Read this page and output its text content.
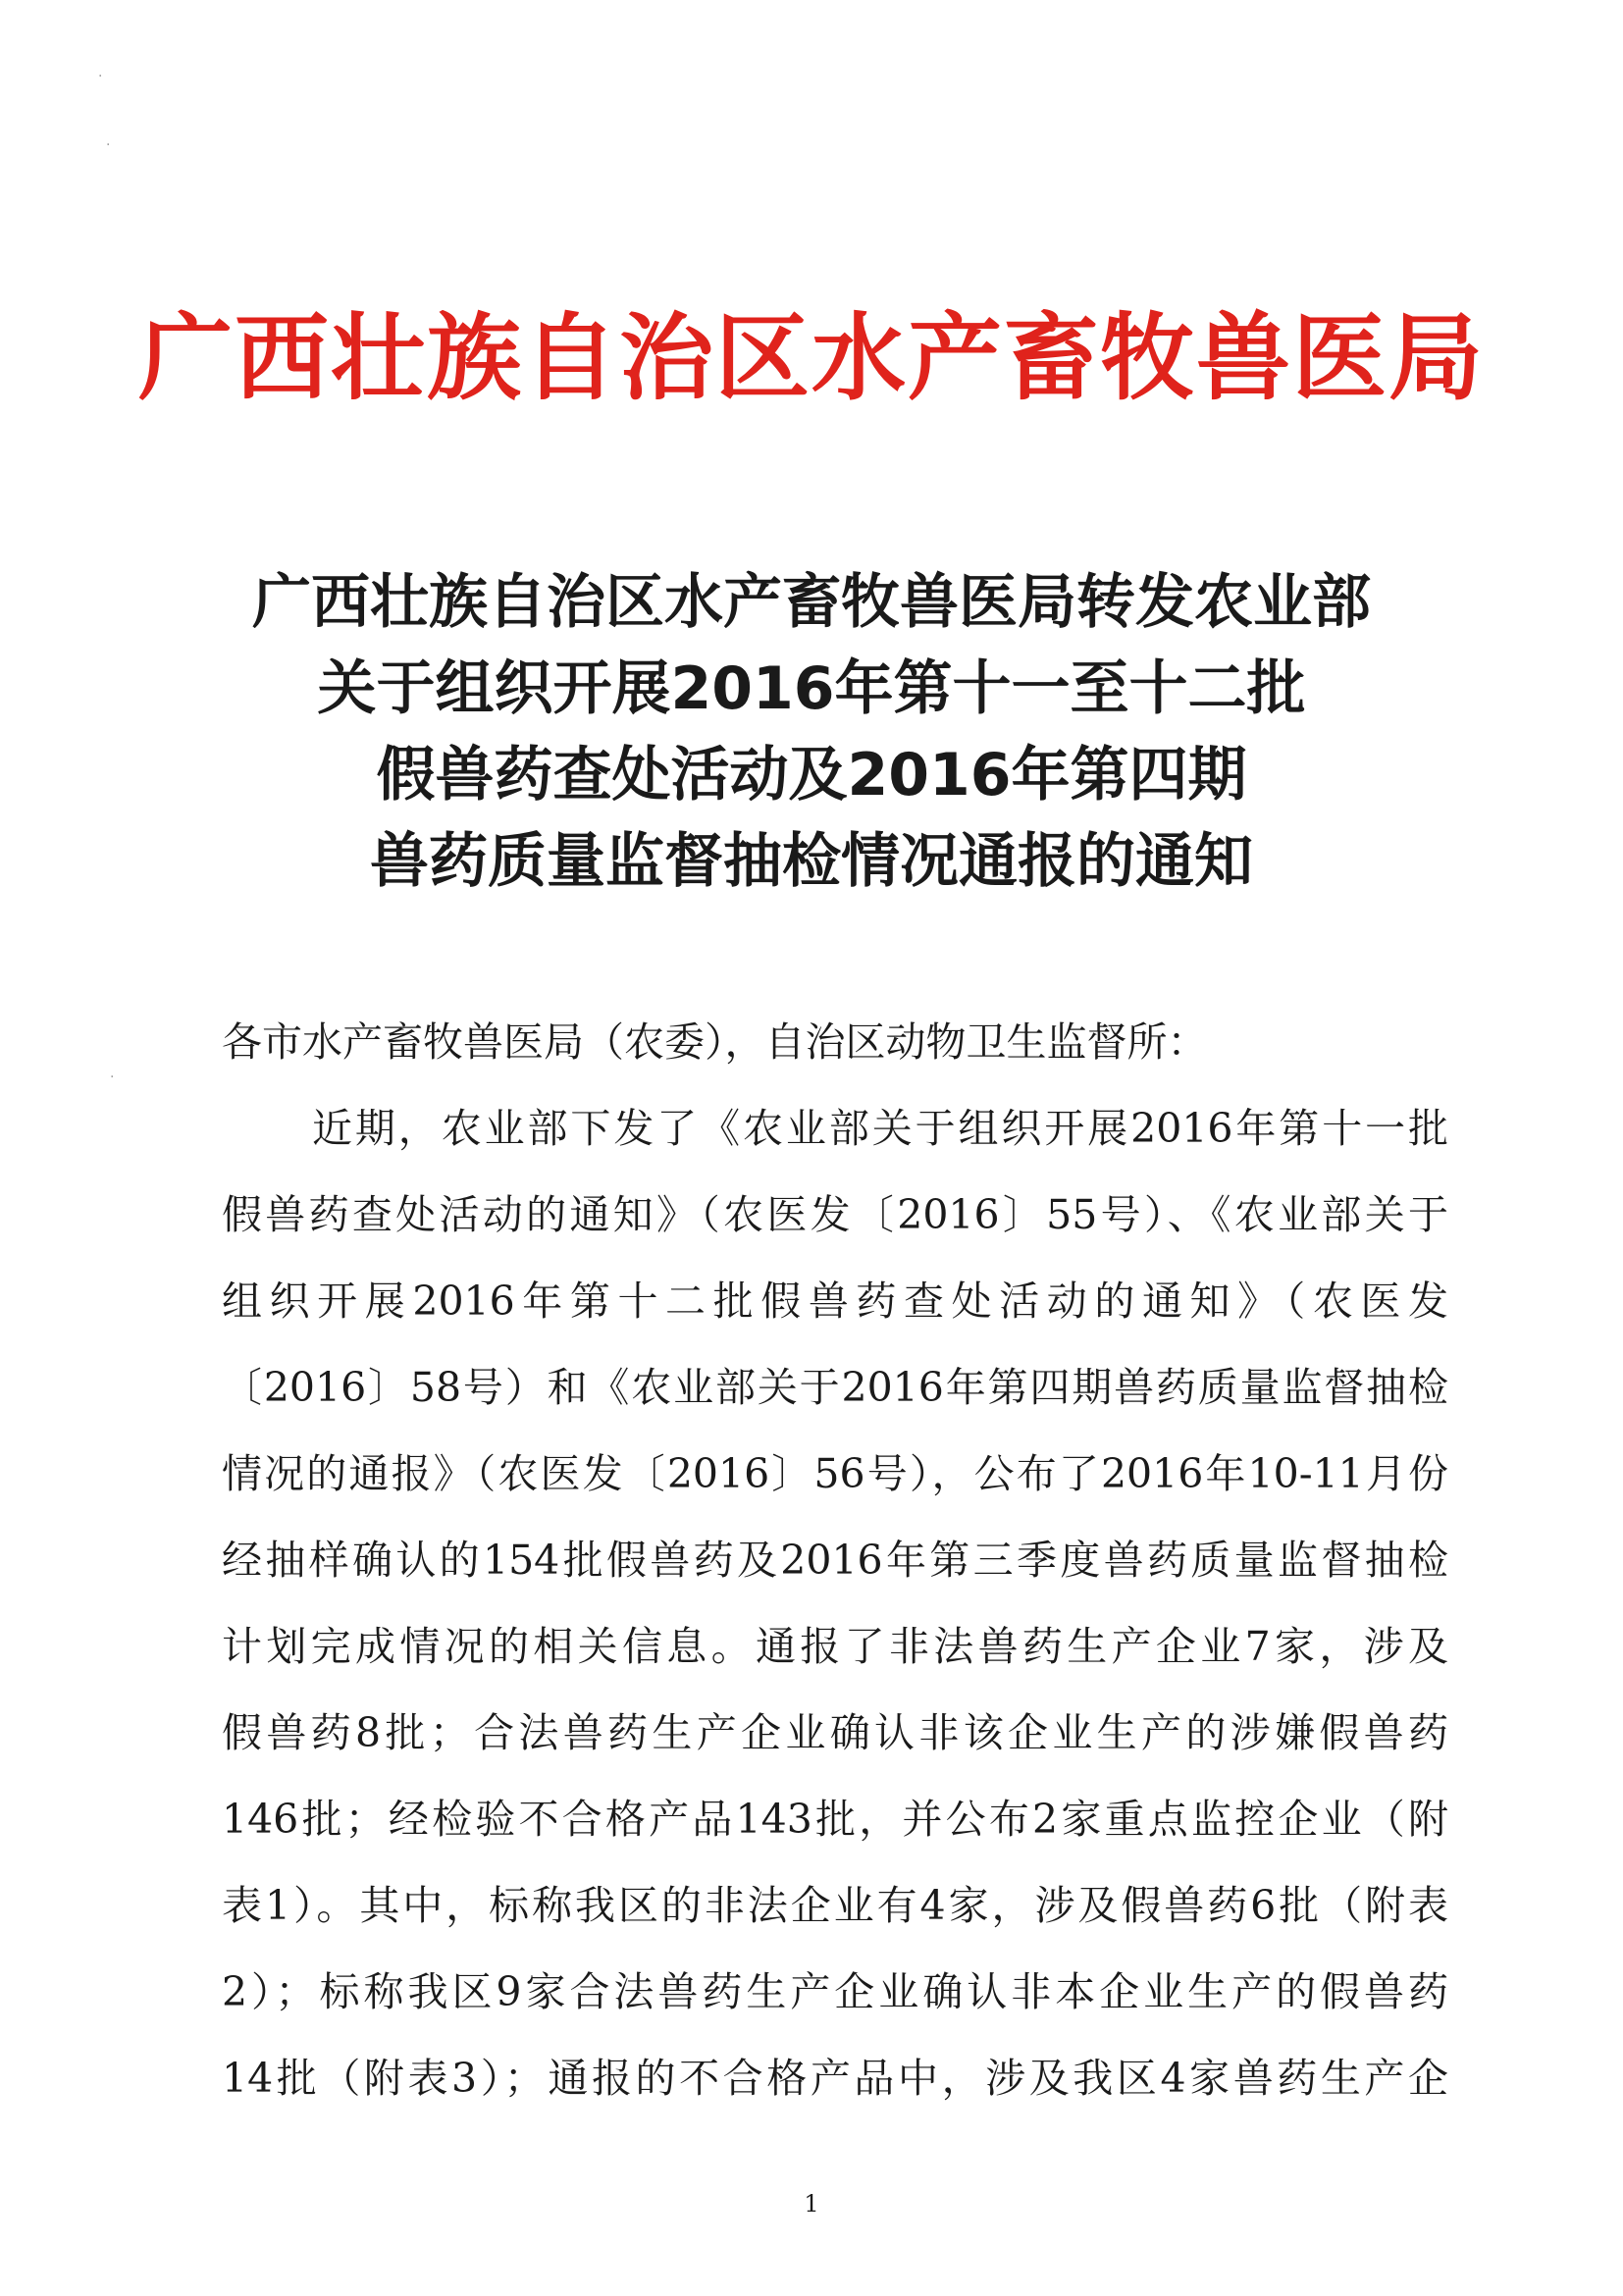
·
·
·
广西壮族自治区水产畜牧兽医局
广西壮族自治区水产畜牧兽医局转发农业部
关于组织开展2016年第十一至十二批
假兽药查处活动及2016年第四期
兽药质量监督抽检情况通报的通知
各市水产畜牧兽医局（农委），自治区动物卫生监督所：
近期，农业部下发了《农业部关于组织开展2016年第十一批
假兽药查处活动的通知》（农医发〔2016〕55号）、《农业部关于
组织开展2016年第十二批假兽药查处活动的通知》（农医发
〔2016〕58号）和《农业部关于2016年第四期兽药质量监督抽检
情况的通报》（农医发〔2016〕56号），公布了2016年10-11月份
经抽样确认的154批假兽药及2016年第三季度兽药质量监督抽检
计划完成情况的相关信息。通报了非法兽药生产企业7家，涉及
假兽药8批；合法兽药生产企业确认非该企业生产的涉嫌假兽药
146批；经检验不合格产品143批，并公布2家重点监控企业（附
表1）。其中，标称我区的非法企业有4家，涉及假兽药6批（附表
2）；标称我区9家合法兽药生产企业确认非本企业生产的假兽药
14批（附表3）；通报的不合格产品中，涉及我区4家兽药生产企
1
